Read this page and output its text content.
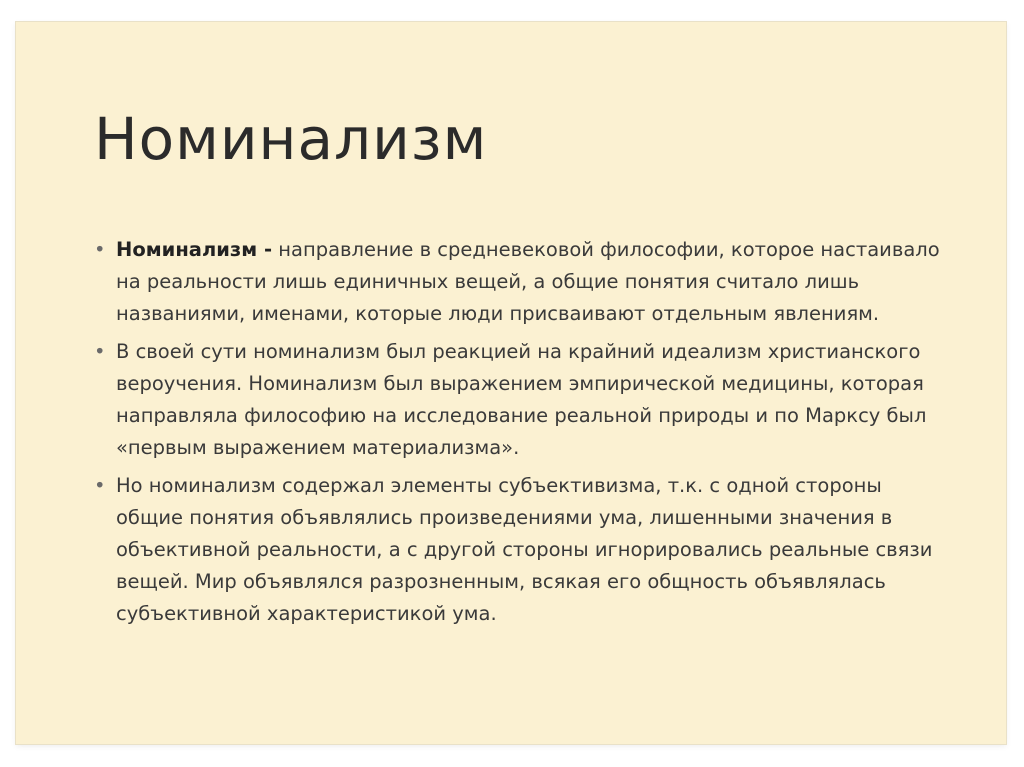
Номинализм
• Номинализм - направление в средневековой философии, которое настаивало на реальности лишь единичных вещей, а общие понятия считало лишь названиями, именами, которые люди присваивают отдельным явлениям.
• В своей сути номинализм был реакцией на крайний идеализм христианского вероучения. Номинализм был выражением эмпирической медицины, которая направляла философию на исследование реальной природы и по Марксу был «первым выражением материализма».
• Но номинализм содержал элементы субъективизма, т.к. с одной стороны общие понятия объявлялись произведениями ума, лишенными значения в объективной реальности, а с другой стороны игнорировались реальные связи вещей. Мир объявлялся разрозненным, всякая его общность объявлялась субъективной характеристикой ума.
